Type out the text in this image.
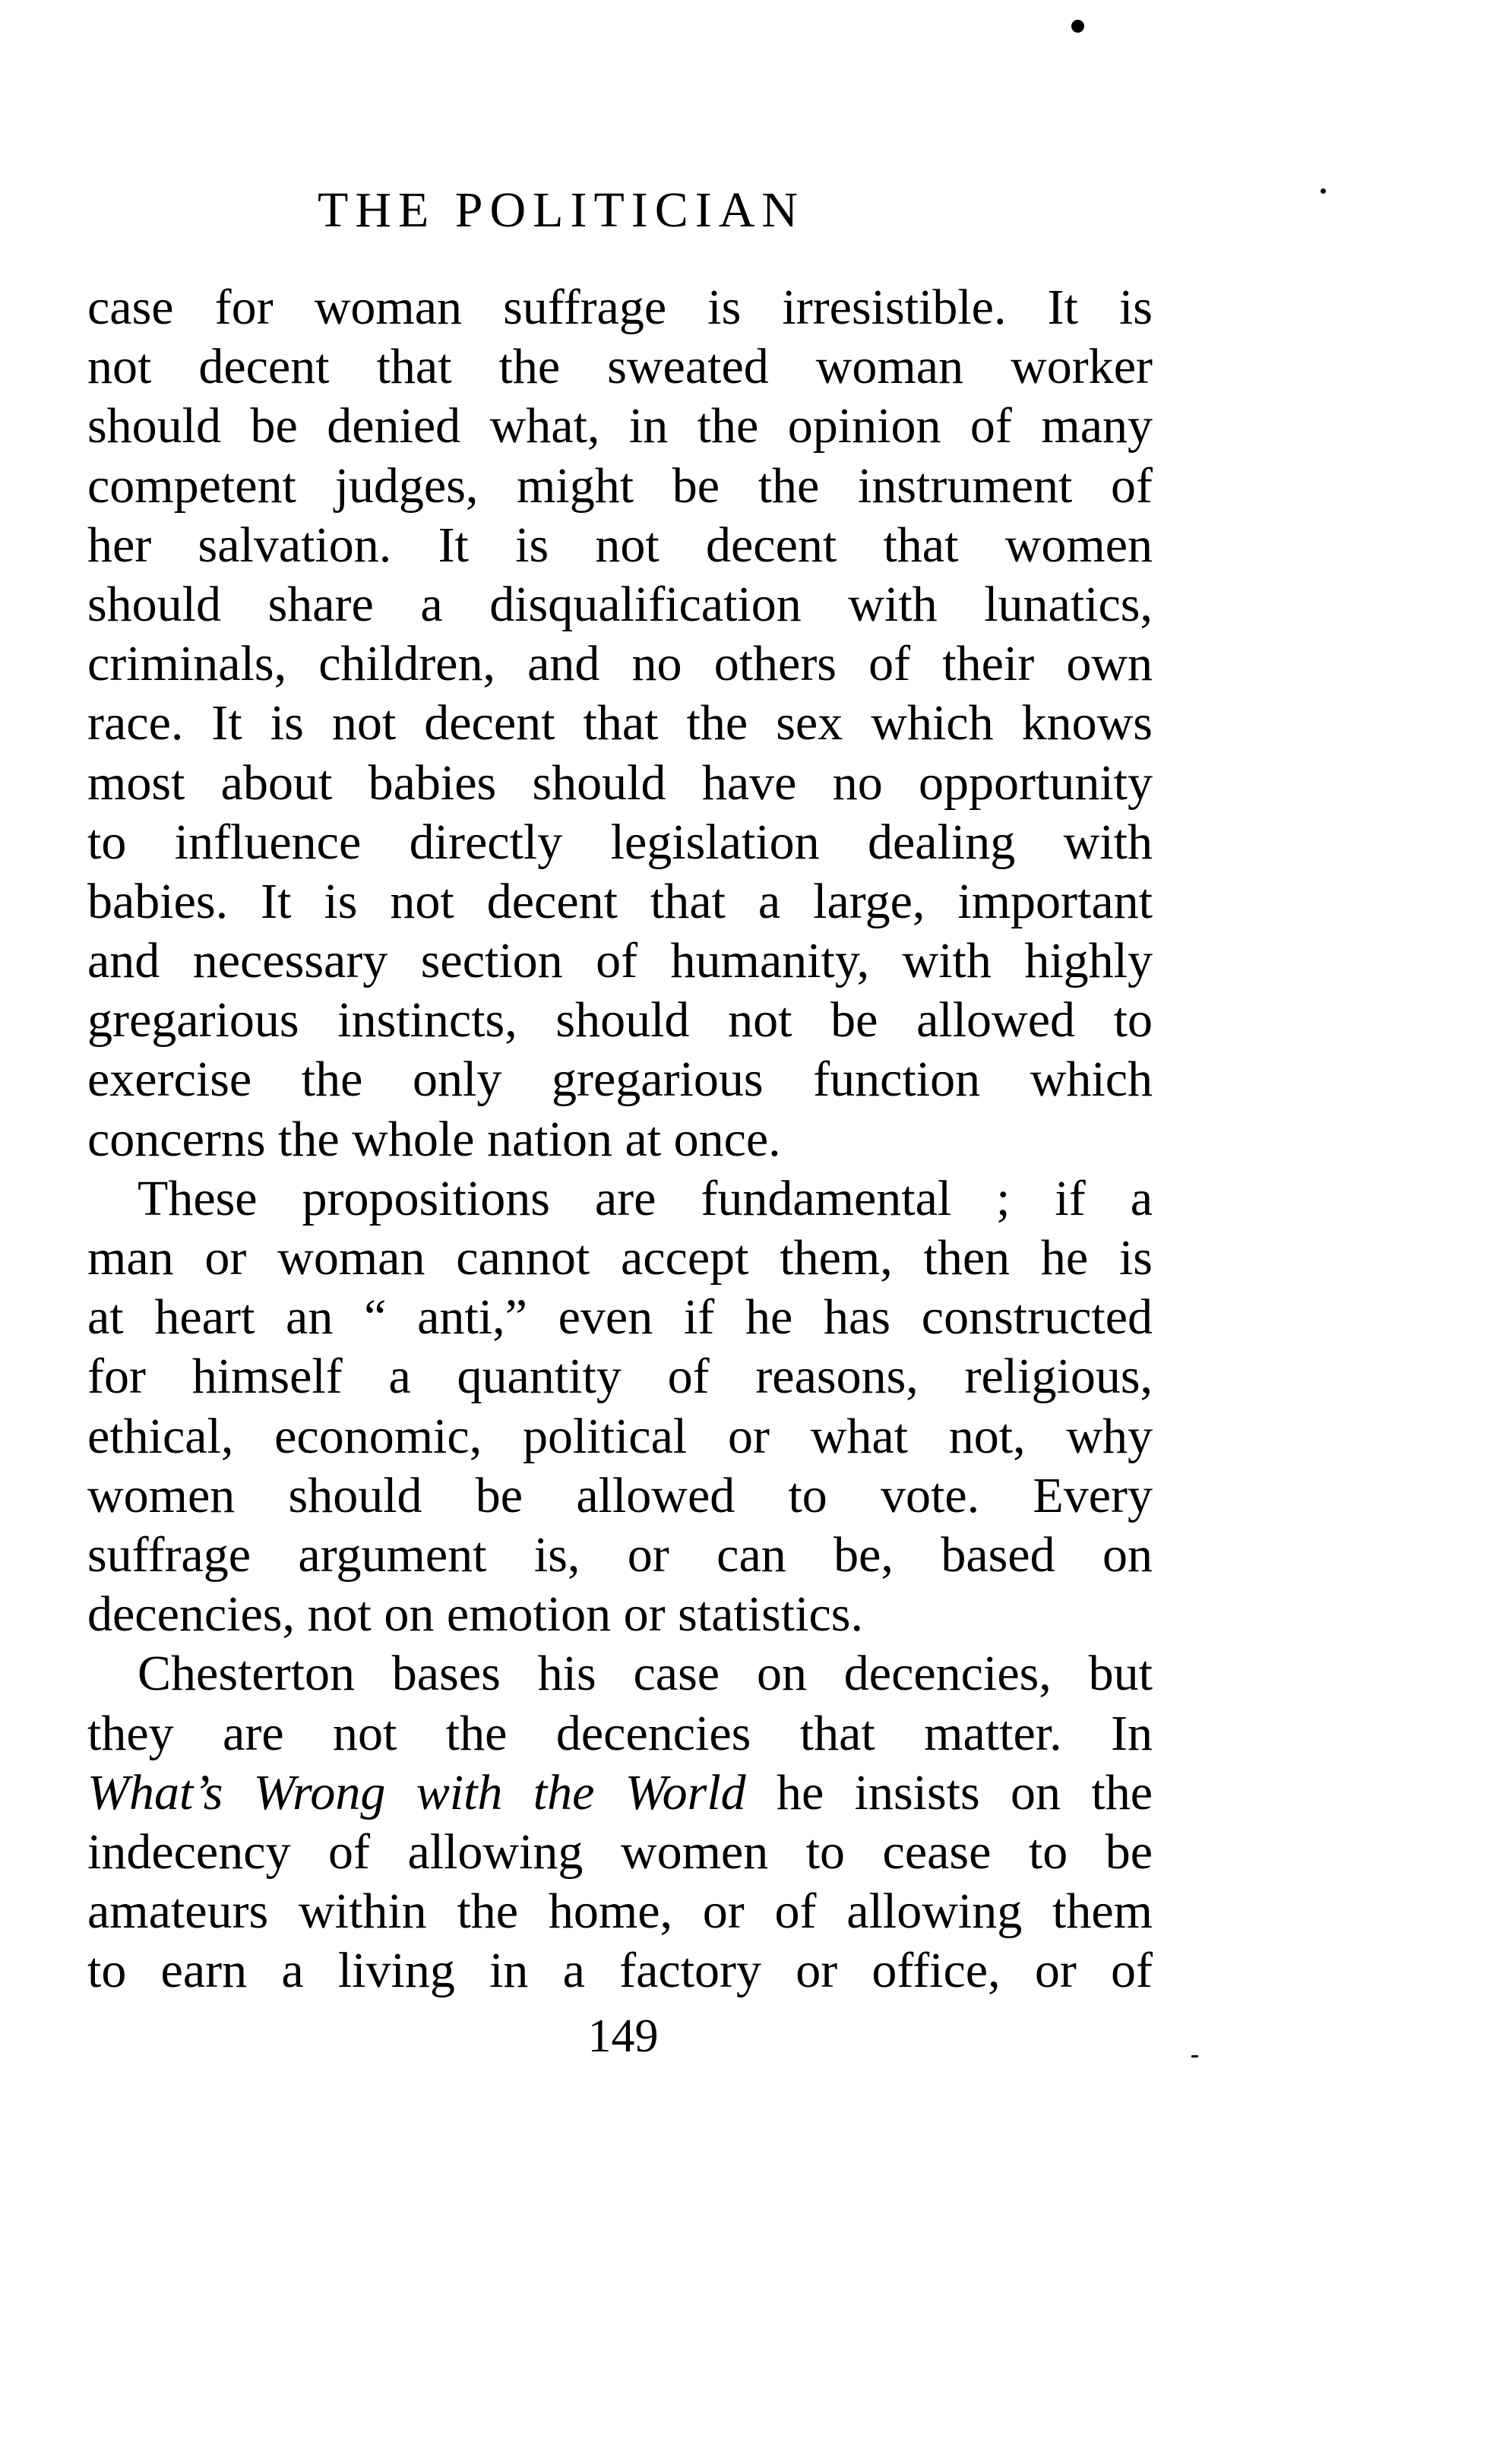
THE POLITICIAN
case for woman suffrage is irresistible. It is
not decent that the sweated woman worker
should be denied what, in the opinion of many
competent judges, might be the instrument of
her salvation. It is not decent that women
should share a disqualification with lunatics,
criminals, children, and no others of their own
race. It is not decent that the sex which knows
most about babies should have no opportunity
to influence directly legislation dealing with
babies. It is not decent that a large, important
and necessary section of humanity, with highly
gregarious instincts, should not be allowed to
exercise the only gregarious function which
concerns the whole nation at once.
These propositions are fundamental ; if a
man or woman cannot accept them, then he is
at heart an “ anti,” even if he has constructed
for himself a quantity of reasons, religious,
ethical, economic, political or what not, why
women should be allowed to vote. Every
suffrage argument is, or can be, based on
decencies, not on emotion or statistics.
Chesterton bases his case on decencies, but
they are not the decencies that matter. In
What’s Wrong with the World he insists on the
indecency of allowing women to cease to be
amateurs within the home, or of allowing them
to earn a living in a factory or office, or of
149
